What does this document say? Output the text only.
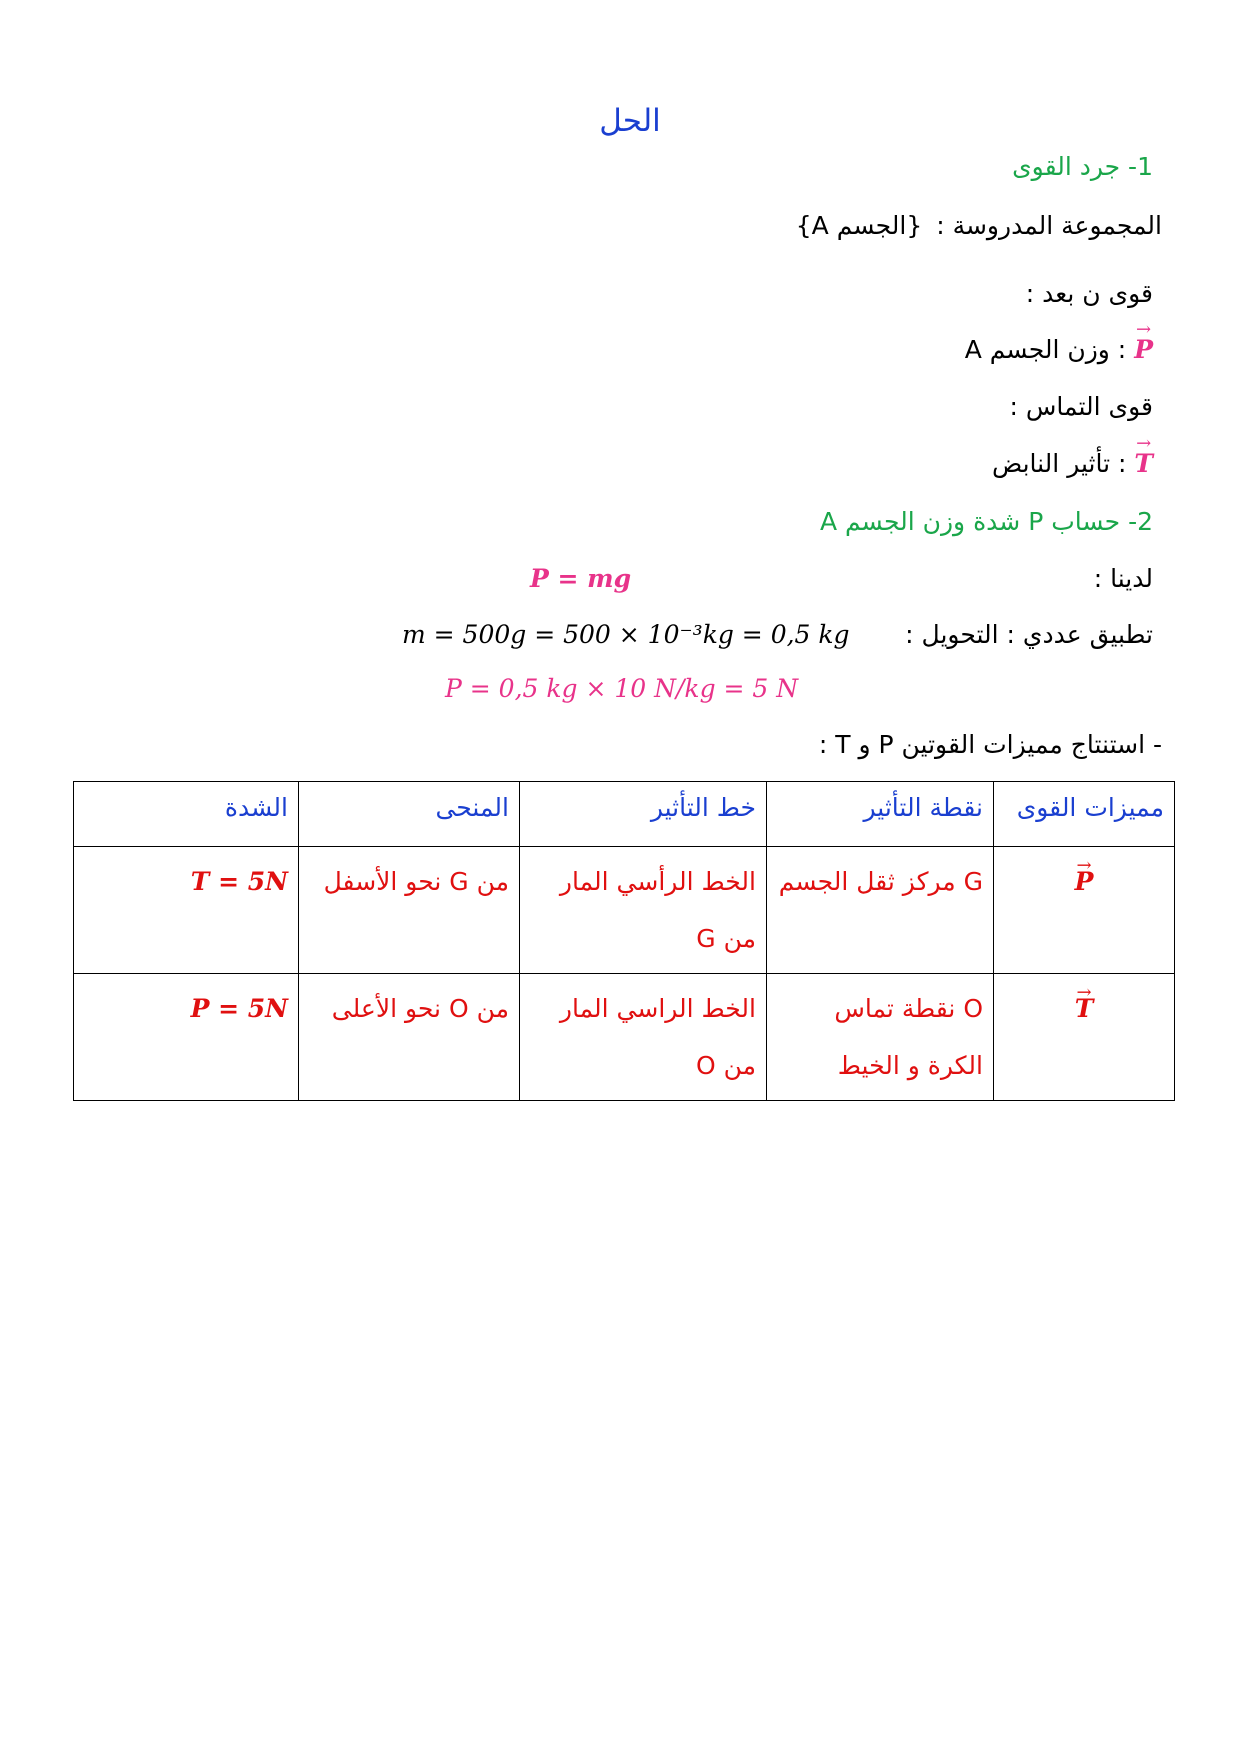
الحل
1- جرد القوى
المجموعة المدروسة : {الجسم A}
قوى ن بعد :
→ P : وزن الجسم A
قوى التماس :
→ T : تأثير النابض
2- حساب P شدة وزن الجسم A
لدينا :
P = mg
تطبيق عددي : التحويل :
m = 500g = 500 × 10⁻³kg = 0,5 kg
P = 0,5 kg × 10 N/kg = 5 N
- استنتاج مميزات القوتين P و T :
مميزات القوى	نقطة التأثير	خط التأثير	المنحى	الشدة
→ P	G مركز ثقل الجسم	الخط الرأسي المار من G	من G نحو الأسفل	T = 5N
→ T	O نقطة تماس الكرة و الخيط	الخط الراسي المار من O	من O نحو الأعلى	P = 5N
